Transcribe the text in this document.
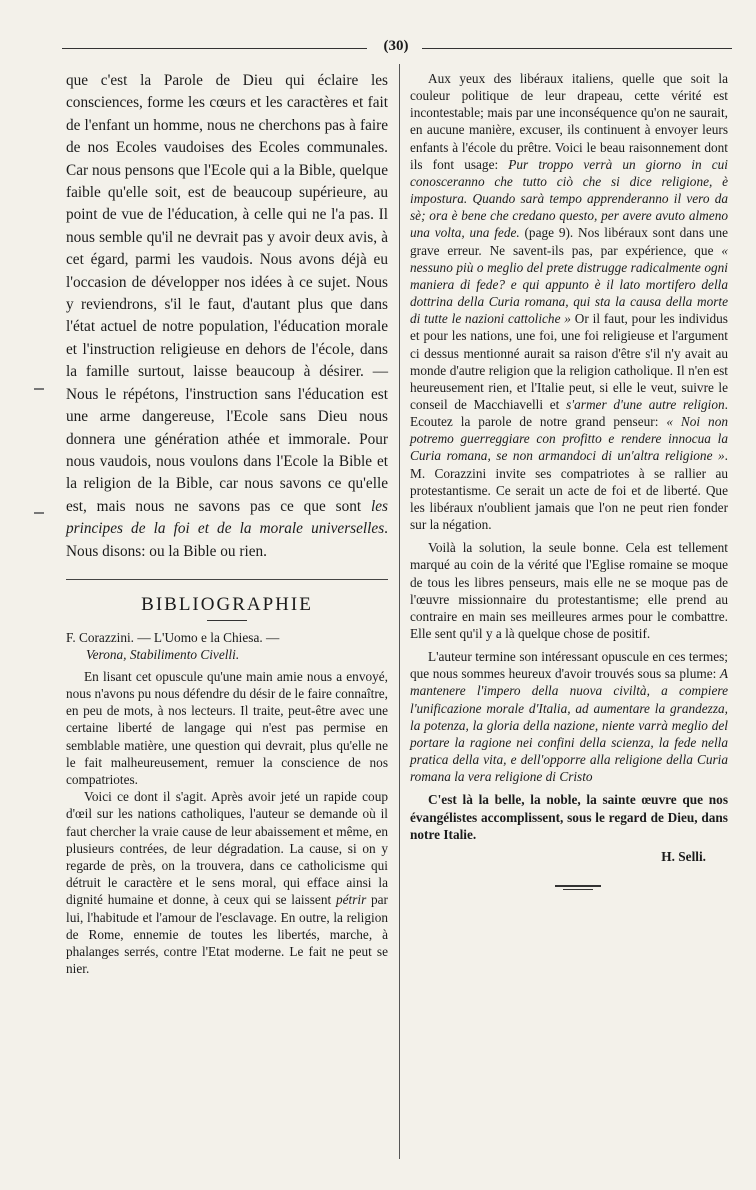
(30)

que c'est la Parole de Dieu qui éclaire les consciences, forme les cœurs et les caractères et fait de l'enfant un homme, nous ne cherchons pas à faire de nos Ecoles vaudoises des Ecoles communales. Car nous pensons que l'Ecole qui a la Bible, quelque faible qu'elle soit, est de beaucoup supérieure, au point de vue de l'éducation, à celle qui ne l'a pas. Il nous semble qu'il ne devrait pas y avoir deux avis, à cet égard, parmi les vaudois. Nous avons déjà eu l'occasion de développer nos idées à ce sujet. Nous y reviendrons, s'il le faut, d'autant plus que dans l'état actuel de notre population, l'éducation morale et l'instruction religieuse en dehors de l'école, dans la famille surtout, laisse beaucoup à désirer. — Nous le répétons, l'instruction sans l'éducation est une arme dangereuse, l'Ecole sans Dieu nous donnera une génération athée et immorale. Pour nous vaudois, nous voulons dans l'Ecole la Bible et la religion de la Bible, car nous savons ce qu'elle est, mais nous ne savons pas ce que sont les principes de la foi et de la morale universelles. Nous disons: ou la Bible ou rien.

BIBLIOGRAPHIE
F. Corazzini. — L'Uomo e la Chiesa. —
Verona, Stabilimento Civelli.

En lisant cet opuscule qu'une main amie nous a envoyé, nous n'avons pu nous défendre du désir de le faire connaître, en peu de mots, à nos lecteurs. Il traite, peut-être avec une certaine liberté de langage qui n'est pas permise en semblable matière, une question qui devrait, plus qu'elle ne le fait malheureusement, remuer la conscience de nos compatriotes.

Voici ce dont il s'agit. Après avoir jeté un rapide coup d'œil sur les nations catholiques, l'auteur se demande où il faut chercher la vraie cause de leur abaissement et même, en plusieurs contrées, de leur dégradation. La cause, si on y regarde de près, on la trouvera, dans ce catholicisme qui détruit le caractère et le sens moral, qui efface ainsi la dignité humaine et donne, à ceux qui se laissent pétrir par lui, l'habitude et l'amour de l'esclavage. En outre, la religion de Rome, ennemie de toutes les libertés, marche, à phalanges serrés, contre l'Etat moderne. Le fait ne peut se nier.

Aux yeux des libéraux italiens, quelle que soit la couleur politique de leur drapeau, cette vérité est incontestable; mais par une inconséquence qu'on ne saurait, en aucune manière, excuser, ils continuent à envoyer leurs enfants à l'école du prêtre. Voici le beau raisonnement dont ils font usage: Pur troppo verrà un giorno in cui conosceranno che tutto ciò che si dice religione, è impostura. Quando sarà tempo apprenderanno il vero da sè; ora è bene che credano questo, per avere avuto almeno una volta, una fede. (page 9). Nos libéraux sont dans une grave erreur. Ne savent-ils pas, par expérience, que « nessuno più o meglio del prete distrugge radicalmente ogni maniera di fede? e qui appunto è il lato mortifero della dottrina della Curia romana, qui sta la causa della morte di tutte le nazioni cattoliche » Or il faut, pour les individus et pour les nations, une foi, une foi religieuse et l'argument ci dessus mentionné aurait sa raison d'être s'il n'y avait au monde d'autre religion que la religion catholique. Il n'en est heureusement rien, et l'Italie peut, si elle le veut, suivre le conseil de Macchiavelli et s'armer d'une autre religion. Ecoutez la parole de notre grand penseur: « Noi non potremo guerreggiare con profitto e rendere innocua la Curia romana, se non armandoci di un'altra religione ». M. Corazzini invite ses compatriotes à se rallier au protestantisme. Ce serait un acte de foi et de liberté. Que les libéraux n'oublient jamais que l'on ne peut rien fonder sur la négation.

Voilà la solution, la seule bonne. Cela est tellement marqué au coin de la vérité que l'Eglise romaine se moque de tous les libres penseurs, mais elle ne se moque pas de l'œuvre missionnaire du protestantisme; elle prend au contraire en main ses meilleures armes pour le combattre. Elle sent qu'il y a là quelque chose de positif.

L'auteur termine son intéressant opuscule en ces termes; que nous sommes heureux d'avoir trouvés sous sa plume: A mantenere l'impero della nuova civiltà, a compiere l'unificazione morale d'Italia, ad aumentare la grandezza, la potenza, la gloria della nazione, niente varrà meglio del portare la ragione nei confini della scienza, la fede nella pratica della vita, e dell'opporre alla religione della Curia romana la vera religione di Cristo

C'est là la belle, la noble, la sainte œuvre que nos évangélistes accomplissent, sous le regard de Dieu, dans notre Italie.

H. Selli.
